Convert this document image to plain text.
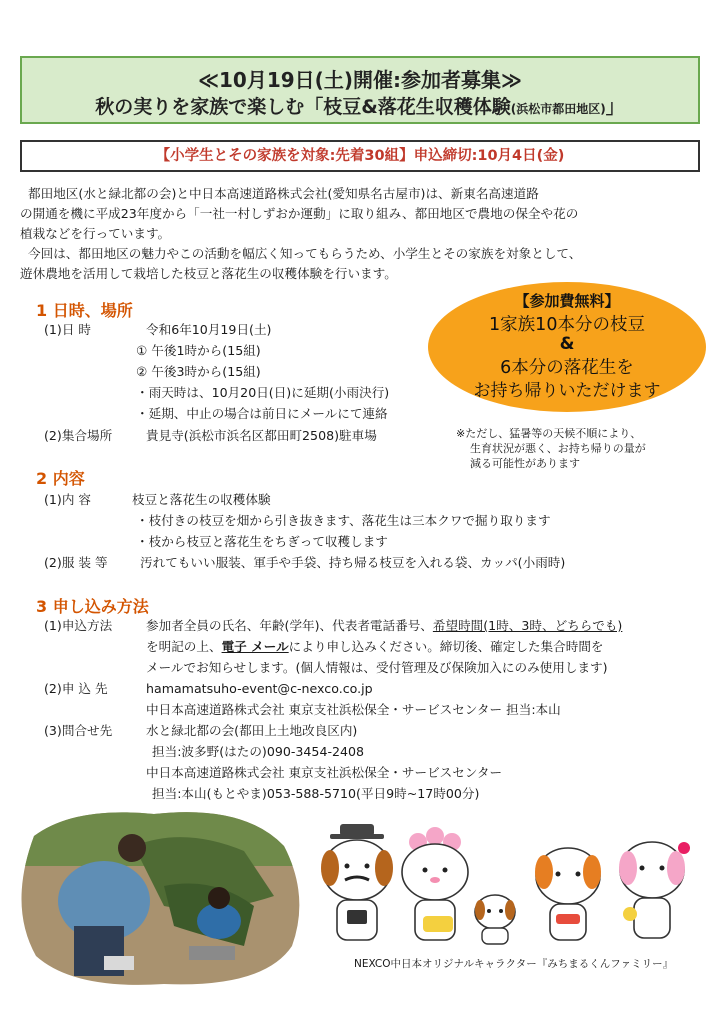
≪10月19日(土)開催:参加者募集≫
秋の実りを家族で楽しむ「枝豆&落花生収穫体験(浜松市都田地区)」
【小学生とその家族を対象:先着30組】申込締切:10月4日(金)
都田地区(水と緑北都の会)と中日本高速道路株式会社(愛知県名古屋市)は、新東名高速道路
の開通を機に平成23年度から「一社一村しずおか運動」に取り組み、都田地区で農地の保全や花の
植栽などを行っています。
今回は、都田地区の魅力やこの活動を幅広く知ってもらうため、小学生とその家族を対象として、
遊休農地を活用して栽培した枝豆と落花生の収穫体験を行います。
1 日時、場所
(1)日 時	令和6年10月19日(土)
① 午後1時から(15組)
② 午後3時から(15組)
・雨天時は、10月20日(日)に延期(小雨決行)
・延期、中止の場合は前日にメールにて連絡
(2)集合場所	貴見寺(浜松市浜名区都田町2508)駐車場
【参加費無料】
1家族10本分の枝豆
&
6本分の落花生を
お持ち帰りいただけます
※ただし、猛暑等の天候不順により、
生育状況が悪く、お持ち帰りの量が
減る可能性があります
2 内容
(1)内 容	枝豆と落花生の収穫体験
・枝付きの枝豆を畑から引き抜きます、落花生は三本クワで掘り取ります
・枝から枝豆と落花生をちぎって収穫します
(2)服 装 等	汚れてもいい服装、軍手や手袋、持ち帰る枝豆を入れる袋、カッパ(小雨時)
3 申し込み方法
(1)申込方法	参加者全員の氏名、年齢(学年)、代表者電話番号、希望時間(1時、3時、どちらでも)
を明記の上、電子 メールにより申し込みください。締切後、確定した集合時間を
メールでお知らせします。(個人情報は、受付管理及び保険加入にのみ使用します)
(2)申 込 先	hamamatsuho-event@c-nexco.co.jp
中日本高速道路株式会社 東京支社浜松保全・サービスセンター 担当:本山
(3)問合せ先	水と緑北都の会(都田上土地改良区内)
担当:波多野(はたの)090-3454-2408
中日本高速道路株式会社 東京支社浜松保全・サービスセンター
担当:本山(もとやま)053-588-5710(平日9時~17時00分)
NEXCO中日本オリジナルキャラクター『みちまるくんファミリー』
